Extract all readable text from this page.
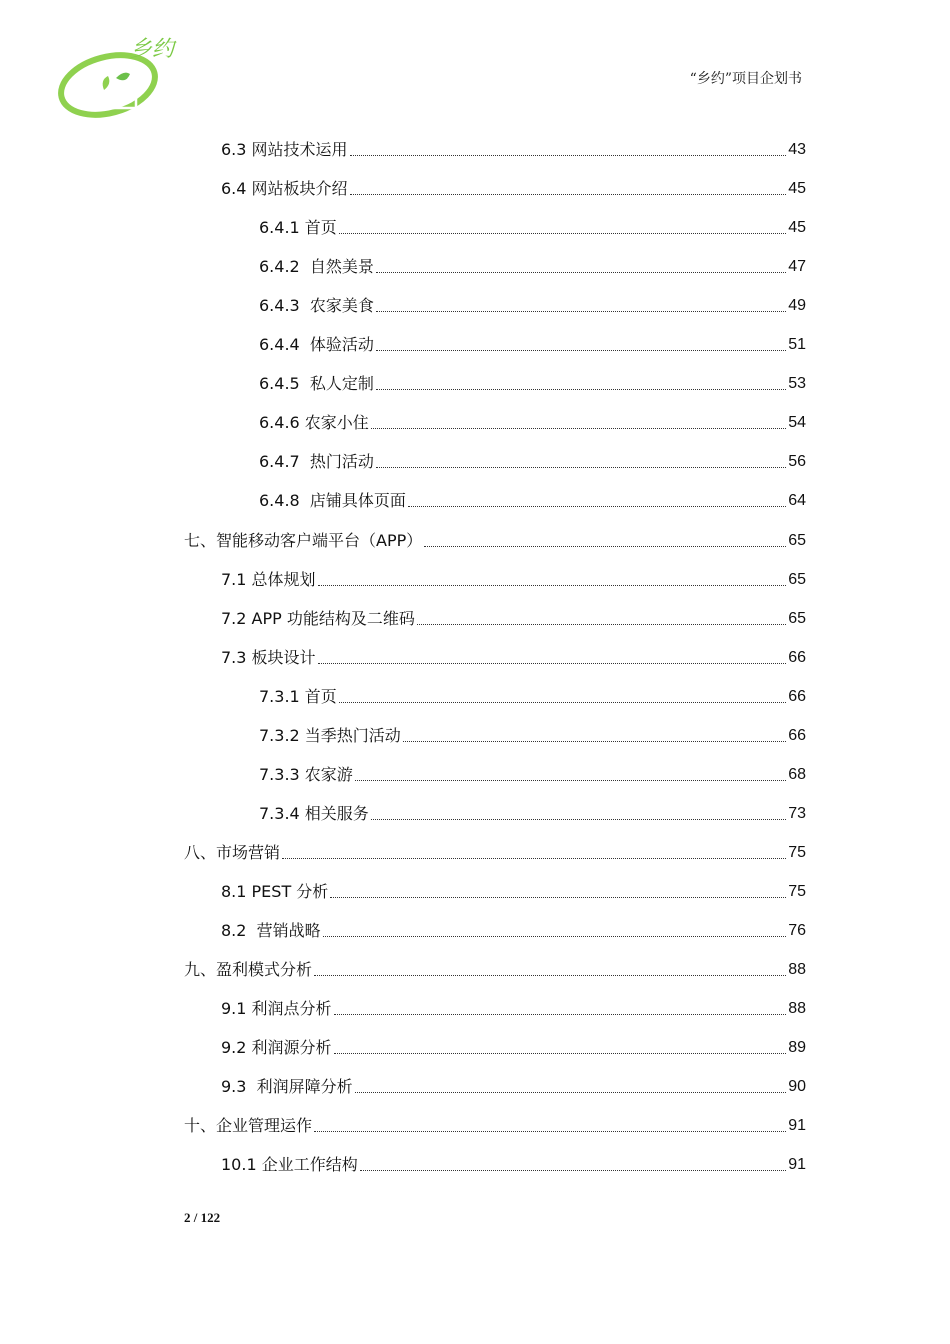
乡约
“乡约”项目企划书
6.3 网站技术运用	43
6.4 网站板块介绍	45
6.4.1 首页	45
6.4.2  自然美景	47
6.4.3  农家美食	49
6.4.4  体验活动	51
6.4.5  私人定制	53
6.4.6 农家小住	54
6.4.7  热门活动	56
6.4.8  店铺具体页面	64
七、智能移动客户端平台（APP）	65
7.1 总体规划	65
7.2 APP 功能结构及二维码	65
7.3 板块设计	66
7.3.1 首页	66
7.3.2 当季热门活动	66
7.3.3 农家游	68
7.3.4 相关服务	73
八、市场营销	75
8.1 PEST 分析	75
8.2  营销战略	76
九、盈利模式分析	88
9.1 利润点分析	88
9.2 利润源分析	89
9.3  利润屏障分析	90
十、企业管理运作	91
10.1 企业工作结构	91
2 / 122
